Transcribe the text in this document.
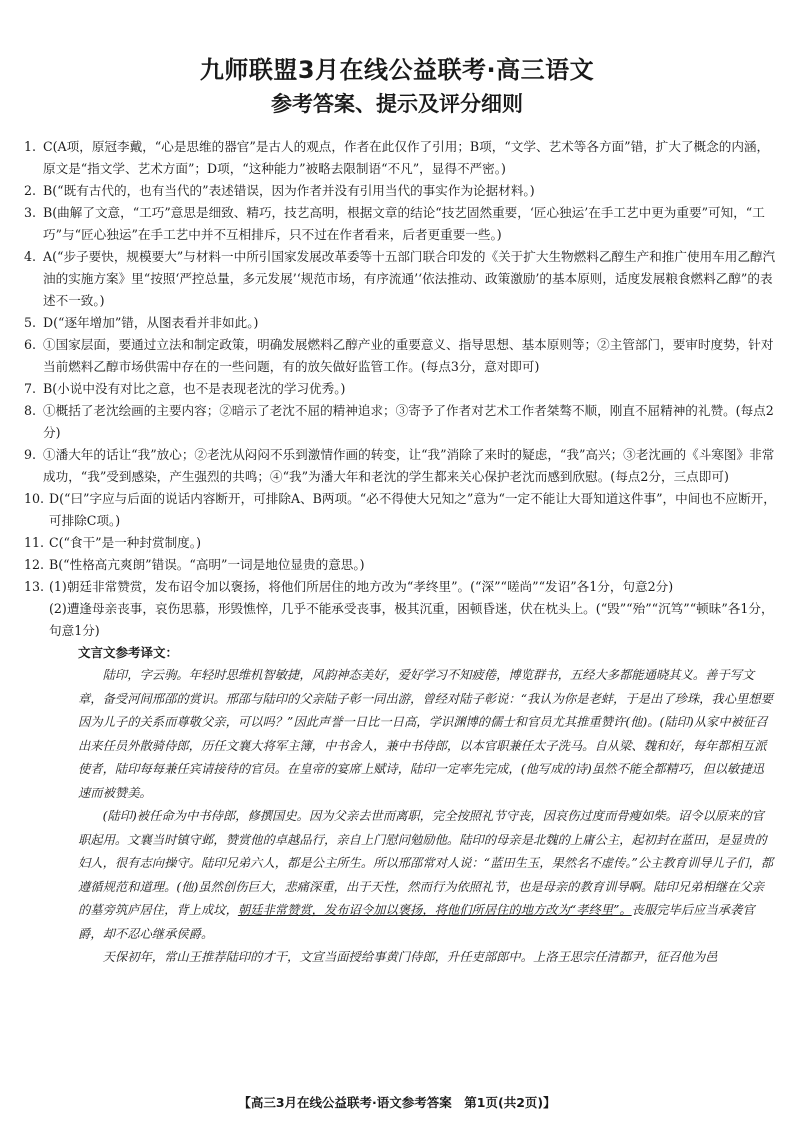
九师联盟3月在线公益联考·高三语文
参考答案、提示及评分细则

1. C(A项，原冠李戴，“心是思维的器官”是古人的观点，作者在此仅作了引用；B项，“文学、艺术等各方面”错，扩大了概念的内涵，原文是“指文学、艺术方面”；D项，“这种能力”被略去限制语“不凡”，显得不严密。)

2. B(“既有古代的，也有当代的”表述错误，因为作者并没有引用当代的事实作为论据材料。)

3. B(曲解了文意，“工巧”意思是细致、精巧，技艺高明，根据文章的结论“技艺固然重要，‘匠心独运’在手工艺中更为重要”可知，“工巧”与“匠心独运”在手工艺中并不互相排斥，只不过在作者看来，后者更重要一些。)

4. A(“步子要快，规模要大”与材料一中所引国家发展改革委等十五部门联合印发的《关于扩大生物燃料乙醇生产和推广使用车用乙醇汽油的实施方案》里“按照‘严控总量，多元发展’‘规范市场，有序流通’‘依法推动、政策激励’的基本原则，适度发展粮食燃料乙醇”的表述不一致。)

5. D(“逐年增加”错，从图表看并非如此。)

6. ①国家层面，要通过立法和制定政策，明确发展燃料乙醇产业的重要意义、指导思想、基本原则等；②主管部门，要审时度势，针对当前燃料乙醇市场供需中存在的一些问题，有的放矢做好监管工作。(每点3分，意对即可)

7. B(小说中没有对比之意，也不是表现老沈的学习优秀。)

8. ①概括了老沈绘画的主要内容；②暗示了老沈不屈的精神追求；③寄予了作者对艺术工作者桀骜不顺，刚直不屈精神的礼赞。(每点2分)

9. ①潘大年的话让“我”放心；②老沈从闷闷不乐到激情作画的转变，让“我”消除了来时的疑虑，“我”高兴；③老沈画的《斗寒图》非常成功，“我”受到感染，产生强烈的共鸣；④“我”为潘大年和老沈的学生都来关心保护老沈而感到欣慰。(每点2分，三点即可)

10. D(“曰”字应与后面的说话内容断开，可排除A、B两项。“必不得使大兄知之”意为“一定不能让大哥知道这件事”，中间也不应断开，可排除C项。)

11. C(“食干”是一种封赏制度。)

12. B(“性格高亢爽朗”错误。“高明”一词是地位显贵的意思。)

13. (1)朝廷非常赞赏，发布诏令加以褒扬，将他们所居住的地方改为“孝终里”。(“深”“嗟尚”“发诏”各1分，句意2分)

(2)遭逢母亲丧事，哀伤思慕，形毁憔悴，几乎不能承受丧事，极其沉重，困顿昏迷，伏在枕头上。(“毁”“殆”“沉笃”“顿昧”各1分，句意1分)

文言文参考译文：

陆印，字云驹。年轻时思维机智敏捷，风韵神态美好，爱好学习不知疲倦，博览群书，五经大多都能通晓其义。善于写文章，备受河间邢邵的赏识。邢邵与陆印的父亲陆子彰一同出游，曾经对陆子彰说：“我认为你是老蚌，于是出了珍珠，我心里想要因为儿子的关系而尊敬父亲，可以吗？”因此声誉一日比一日高，学识渊博的儒士和官员尤其推重赞许(他)。(陆印)从家中被征召出来任员外散骑侍郎，历任文襄大将军主簿，中书舍人，兼中书侍郎，以本官职兼任太子洗马。自从梁、魏和好，每年都相互派使者，陆印每每兼任宾请接待的官员。在皇帝的宴席上赋诗，陆印一定率先完成，(他写成的诗)虽然不能全都精巧，但以敏捷迅速而被赞美。

(陆印)被任命为中书侍郎，修撰国史。因为父亲去世而离职，完全按照礼节守丧，因哀伤过度而骨瘦如柴。诏令以原来的官职起用。文襄当时镇守邺，赞赏他的卓越品行，亲自上门慰问勉励他。陆印的母亲是北魏的上庸公主，起初封在蓝田，是显贵的妇人，很有志向操守。陆印兄弟六人，都是公主所生。所以邢邵常对人说：“蓝田生玉，果然名不虚传。”公主教育训导儿子们，都遵循规范和道理。(他)虽然创伤巨大，悲痛深重，出于天性，然而行为依照礼节，也是母亲的教育训导啊。陆印兄弟相继在父亲的墓旁筑庐居住，背上成坟，朝廷非常赞赏，发布诏令加以褒扬，将他们所居住的地方改为“孝终里”。丧服完毕后应当承袭官爵，却不忍心继承侯爵。

天保初年，常山王推荐陆印的才干，文宣当面授给事黄门侍郎，升任吏部郎中。上洛王思宗任清都尹，征召他为邑

【高三3月在线公益联考·语文参考答案　第1页(共2页)】
